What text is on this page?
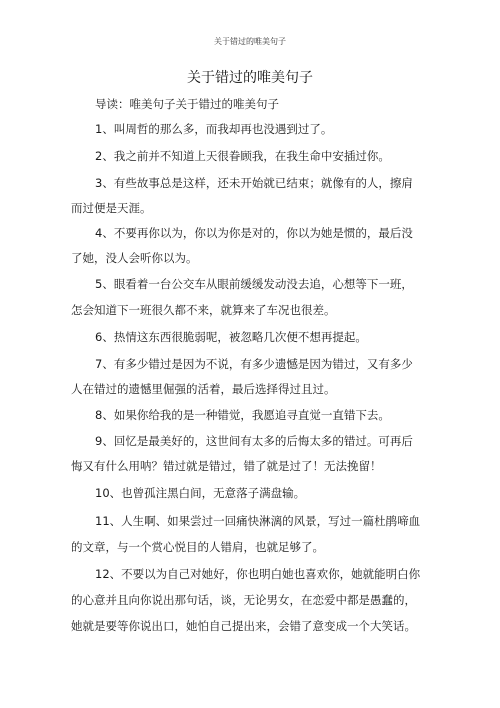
关于错过的唯美句子
关于错过的唯美句子
导读：唯美句子关于错过的唯美句子
1、叫周哲的那么多，而我却再也没遇到过了。
2、我之前并不知道上天很眷顾我，在我生命中安插过你。
3、有些故事总是这样，还未开始就已结束；就像有的人，擦肩
而过便是天涯。
4、不要再你以为，你以为你是对的，你以为她是惯的，最后没
了她，没人会听你以为。
5、眼看着一台公交车从眼前缓缓发动没去追，心想等下一班，
怎会知道下一班很久都不来，就算来了车况也很差。
6、热情这东西很脆弱呢，被忽略几次便不想再提起。
7、有多少错过是因为不说，有多少遗憾是因为错过，又有多少
人在错过的遗憾里倔强的活着，最后选择得过且过。
8、如果你给我的是一种错觉，我愿追寻直觉一直错下去。
9、回忆是最美好的，这世间有太多的后悔太多的错过。可再后
悔又有什么用呐？错过就是错过，错了就是过了！无法挽留！
10、也曾孤注黑白间，无意落子满盘输。
11、人生啊、如果尝过一回痛快淋漓的风景，写过一篇杜鹃啼血
的文章，与一个赏心悦目的人错肩，也就足够了。
12、不要以为自己对她好，你也明白她也喜欢你，她就能明白你
的心意并且向你说出那句话，谈，无论男女，在恋爱中都是愚蠢的，
她就是要等你说出口，她怕自己提出来，会错了意变成一个大笑话。
